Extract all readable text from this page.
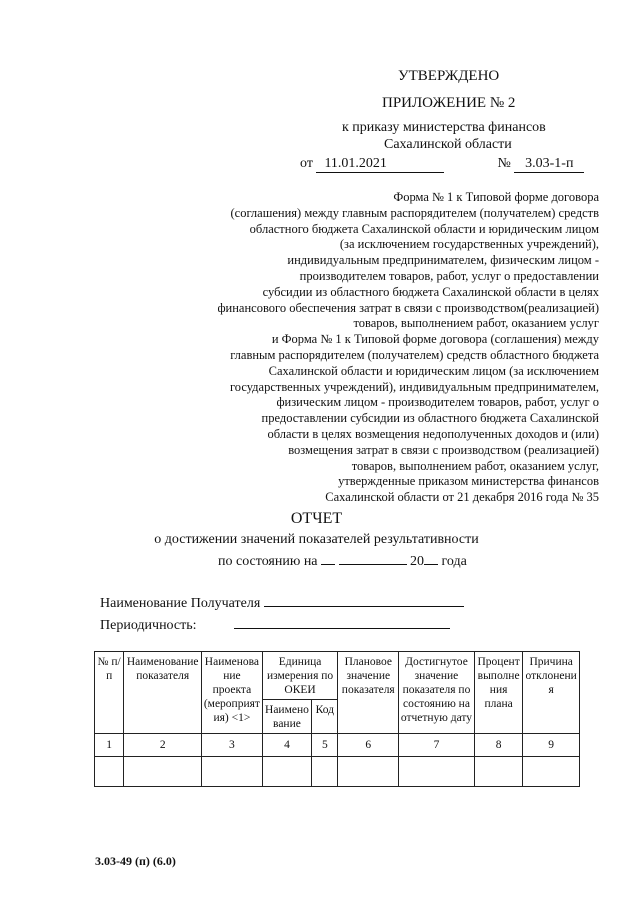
УТВЕРЖДЕНО
ПРИЛОЖЕНИЕ № 2
к приказу министерства финансов
Сахалинской области
от 11.01.2021	№ 3.03-1-п
Форма № 1 к Типовой форме договора
(соглашения) между главным распорядителем (получателем) средств
областного бюджета Сахалинской области и юридическим лицом
(за исключением государственных учреждений),
индивидуальным предпринимателем, физическим лицом -
производителем товаров, работ, услуг о предоставлении
субсидии из областного бюджета Сахалинской области в целях
финансового обеспечения затрат в связи с производством(реализацией)
товаров, выполнением работ, оказанием услуг
и Форма № 1 к Типовой форме договора (соглашения) между
главным распорядителем (получателем) средств областного бюджета
Сахалинской области и юридическим лицом (за исключением
государственных учреждений), индивидуальным предпринимателем,
физическим лицом - производителем товаров, работ, услуг о
предоставлении субсидии из областного бюджета Сахалинской
области в целях возмещения недополученных доходов и (или)
возмещения затрат в связи с производством (реализацией)
товаров, выполнением работ, оказанием услуг,
утвержденные приказом министерства финансов
Сахалинской области от 21 декабря 2016 года № 35
ОТЧЕТ
о достижении значений показателей результативности
по состоянию на	20 года
Наименование Получателя
Периодичность:
№ п/п	Наименование показателя	Наименование проекта (мероприятия) <1>	Единица измерения по ОКЕИ		Плановое значение показателя	Достигнутое значение показателя по состоянию на отчетную дату	Процент выполнения плана	Причина отклонения
			Наименование	Код				
1	2	3	4	5	6	7	8	9

3.03-49 (п) (6.0)
